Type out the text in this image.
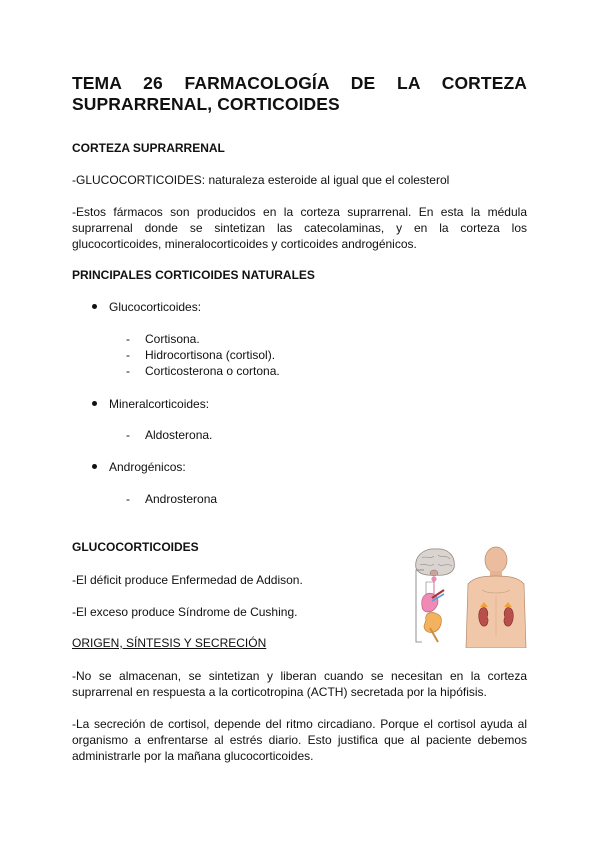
TEMA 26 FARMACOLOGÍA DE LA CORTEZA SUPRARRENAL, CORTICOIDES
CORTEZA SUPRARRENAL
-GLUCOCORTICOIDES: naturaleza esteroide al igual que el colesterol
-Estos fármacos son producidos en la corteza suprarrenal. En esta la médula suprarrenal donde se sintetizan las catecolaminas, y en la corteza los glucocorticoides, mineralocorticoides y corticoides androgénicos.
PRINCIPALES CORTICOIDES NATURALES
Glucocorticoides:
- Cortisona.
- Hidrocortisona (cortisol).
- Corticosterona o cortona.
Mineralcorticoides:
- Aldosterona.
Androgénicos:
- Androsterona
GLUCOCORTICOIDES
-El déficit produce Enfermedad de Addison.
-El exceso produce Síndrome de Cushing.
ORIGEN, SÍNTESIS Y SECRECIÓN
-No se almacenan, se sintetizan y liberan cuando se necesitan en la corteza suprarrenal en respuesta a la corticotropina (ACTH) secretada por la hipófisis.
-La secreción de cortisol, depende del ritmo circadiano. Porque el cortisol ayuda al organismo a enfrentarse al estrés diario. Esto justifica que al paciente debemos administrarle por la mañana glucocorticoides.
